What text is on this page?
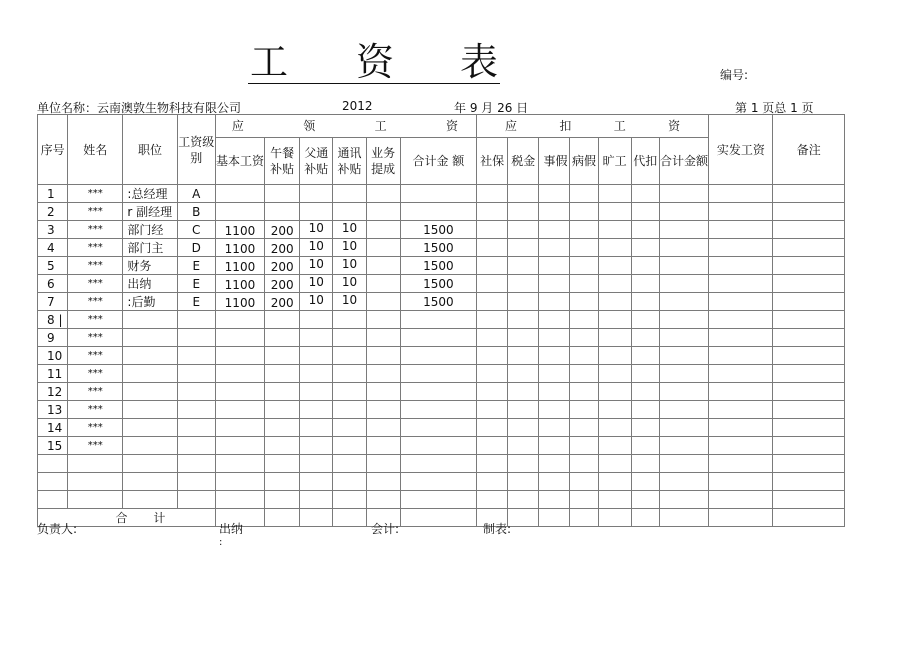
工 资 表	编号:
单位名称：云南澳敦生物科技有限公司	2012	年 9 月 26 日	第 1 页总 1 页
序号	姓名	职位	工资级别	应 领 工 资						应 扣 工 资							实发工资	备注
				基本工资	午餐补贴	父通补贴	通讯补贴	业务提成	合计金 额	社保	税金	事假	病假	旷工	代扣	合计金额		
1	***	:总经理	A															
2	***	r 副经理	B															
3	***	部门经	C	1100	200	10	10		1500									
4	***	部门主	D	1100	200	10	10		1500									
5	***	财务	E	1100	200	10	10		1500									
6	***	出纳	E	1100	200	10	10		1500									
7	***	:后勤	E	1100	200	10	10		1500									
8 |	***																	
9	***																	
10	***																	
11	***																	
12	***																	
13	***																	
14	***																	
15	***																	

合 计																		
负责人:	出纳
:
会计:	制表:
